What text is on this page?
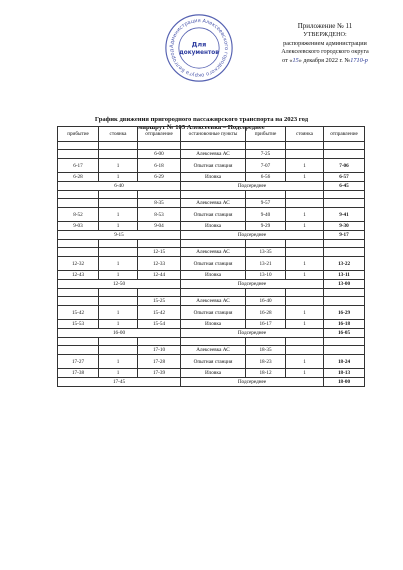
Приложение № 11
УТВЕРЖДЕНО:
распоряжением администрации
Алексеевского городского округа
от «15» декабря 2022 г. №1710-р
Администрация Алексеевского городского округа Белгород
Для
документов
График движения пригородного пассажирского транспорта на 2023 год
маршрут № 105 Алексеевка – Подсереднее
прибытие	стоянка	отправление	остановочные пункты	прибытие	стоянка	отправление

		6-00	Алексеевка АС	7-25		
6-17	1	6-18	Опытная станция	7-07	1	7-06
6-28	1	6-29	Иловка	6-56	1	6-57
6-40			Подсереднее			6-45

		8-35	Алексеевка АС	9-57		
8-52	1	8-53	Опытная станция	9-40	1	9-41
9-03	1	9-04	Иловка	9-29	1	9-30
9-15			Подсереднее			9-17

		12-15	Алексеевка АС	13-35		
12-32	1	12-33	Опытная станция	13-21	1	13-22
12-43	1	12-44	Иловка	13-10	1	13-11
12-50			Подсереднее			13-00

		15-25	Алексеевка АС	16-40		
15-42	1	15-42	Опытная станция	16-28	1	16-29
15-53	1	15-54	Иловка	16-17	1	16-18
16-00			Подсереднее			16-05

		17-10	Алексеевка АС	18-35		
17-27	1	17-28	Опытная станция	18-23	1	18-24
17-38	1	17-39	Иловка	18-12	1	18-13
17-45			Подсереднее			18-00
